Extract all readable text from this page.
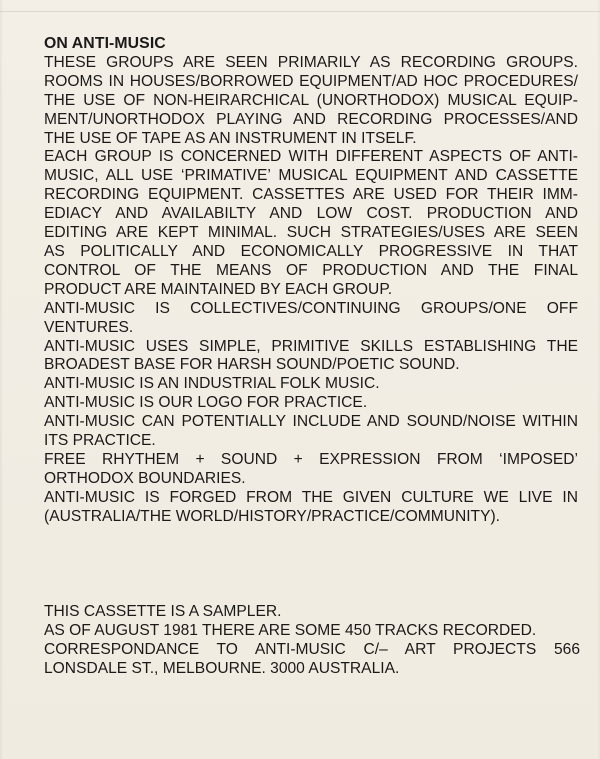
ON ANTI-MUSIC
THESE GROUPS ARE SEEN PRIMARILY AS RECORDING GROUPS.
ROOMS IN HOUSES/BORROWED EQUIPMENT/AD HOC PROCEDURES/
THE USE OF NON-HEIRARCHICAL (UNORTHODOX) MUSICAL EQUIP-
MENT/UNORTHODOX PLAYING AND RECORDING PROCESSES/AND
THE USE OF TAPE AS AN INSTRUMENT IN ITSELF.
EACH GROUP IS CONCERNED WITH DIFFERENT ASPECTS OF ANTI-
MUSIC, ALL USE ‘PRIMATIVE’ MUSICAL EQUIPMENT AND CASSETTE
RECORDING EQUIPMENT. CASSETTES ARE USED FOR THEIR IMM-
EDIACY AND AVAILABILTY AND LOW COST. PRODUCTION AND
EDITING ARE KEPT MINIMAL. SUCH STRATEGIES/USES ARE SEEN
AS POLITICALLY AND ECONOMICALLY PROGRESSIVE IN THAT
CONTROL OF THE MEANS OF PRODUCTION AND THE FINAL
PRODUCT ARE MAINTAINED BY EACH GROUP.
ANTI-MUSIC IS COLLECTIVES/CONTINUING GROUPS/ONE OFF
VENTURES.
ANTI-MUSIC USES SIMPLE, PRIMITIVE SKILLS ESTABLISHING THE
BROADEST BASE FOR HARSH SOUND/POETIC SOUND.
ANTI-MUSIC IS AN INDUSTRIAL FOLK MUSIC.
ANTI-MUSIC IS OUR LOGO FOR PRACTICE.
ANTI-MUSIC CAN POTENTIALLY INCLUDE AND SOUND/NOISE WITHIN
ITS PRACTICE.
FREE RHYTHEM + SOUND + EXPRESSION FROM ‘IMPOSED’
ORTHODOX BOUNDARIES.
ANTI-MUSIC IS FORGED FROM THE GIVEN CULTURE WE LIVE IN
(AUSTRALIA/THE WORLD/HISTORY/PRACTICE/COMMUNITY).
THIS CASSETTE IS A SAMPLER.
AS OF AUGUST 1981 THERE ARE SOME 450 TRACKS RECORDED.
CORRESPONDANCE TO ANTI-MUSIC C/– ART PROJECTS 566
LONSDALE ST., MELBOURNE. 3000 AUSTRALIA.
